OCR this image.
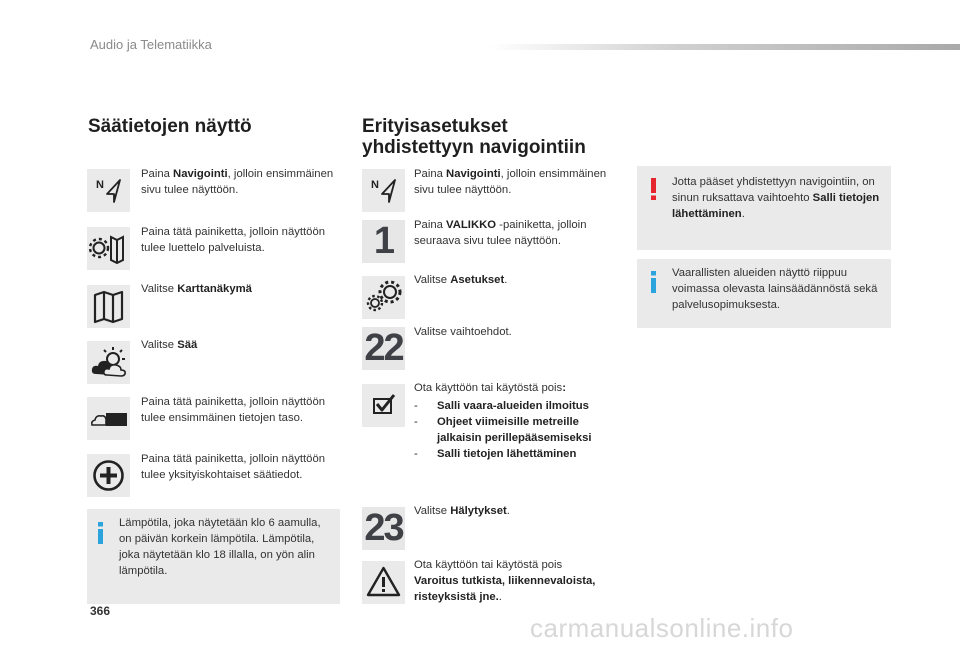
Audio ja Telematiikka
Säätietojen näyttö
N
Paina Navigointi, jolloin ensimmäinen sivu tulee näyttöön.
Paina tätä painiketta, jolloin näyttöön tulee luettelo palveluista.
Valitse Karttanäkymä
Valitse Sää
Paina tätä painiketta, jolloin näyttöön tulee ensimmäinen tietojen taso.
Paina tätä painiketta, jolloin näyttöön tulee yksityiskohtaiset säätiedot.
Lämpötila, joka näytetään klo 6 aamulla, on päivän korkein lämpötila. Lämpötila, joka näytetään klo 18 illalla, on yön alin lämpötila.
Erityisasetukset
yhdistettyyn navigointiin
N
Paina Navigointi, jolloin ensimmäinen sivu tulee näyttöön.
1	Paina VALIKKO -painiketta, jolloin seuraava sivu tulee näyttöön.
Valitse Asetukset.
22 Valitse vaihtoehdot.
Ota käyttöön tai käytöstä pois:
- Salli vaara-alueiden ilmoitus
- Ohjeet viimeisille metreille jalkaisin perillepääsemiseksi
- Salli tietojen lähettäminen
23 Valitse Hälytykset.
Ota käyttöön tai käytöstä pois
Varoitus tutkista, liikennevaloista, risteyksistä jne..
Jotta pääset yhdistettyyn navigointiin, on sinun ruksattava vaihtoehto Salli tietojen lähettäminen.
Vaarallisten alueiden näyttö riippuu voimassa olevasta lainsäädännöstä sekä palvelusopimuksesta.
366
carmanualsonline.info
